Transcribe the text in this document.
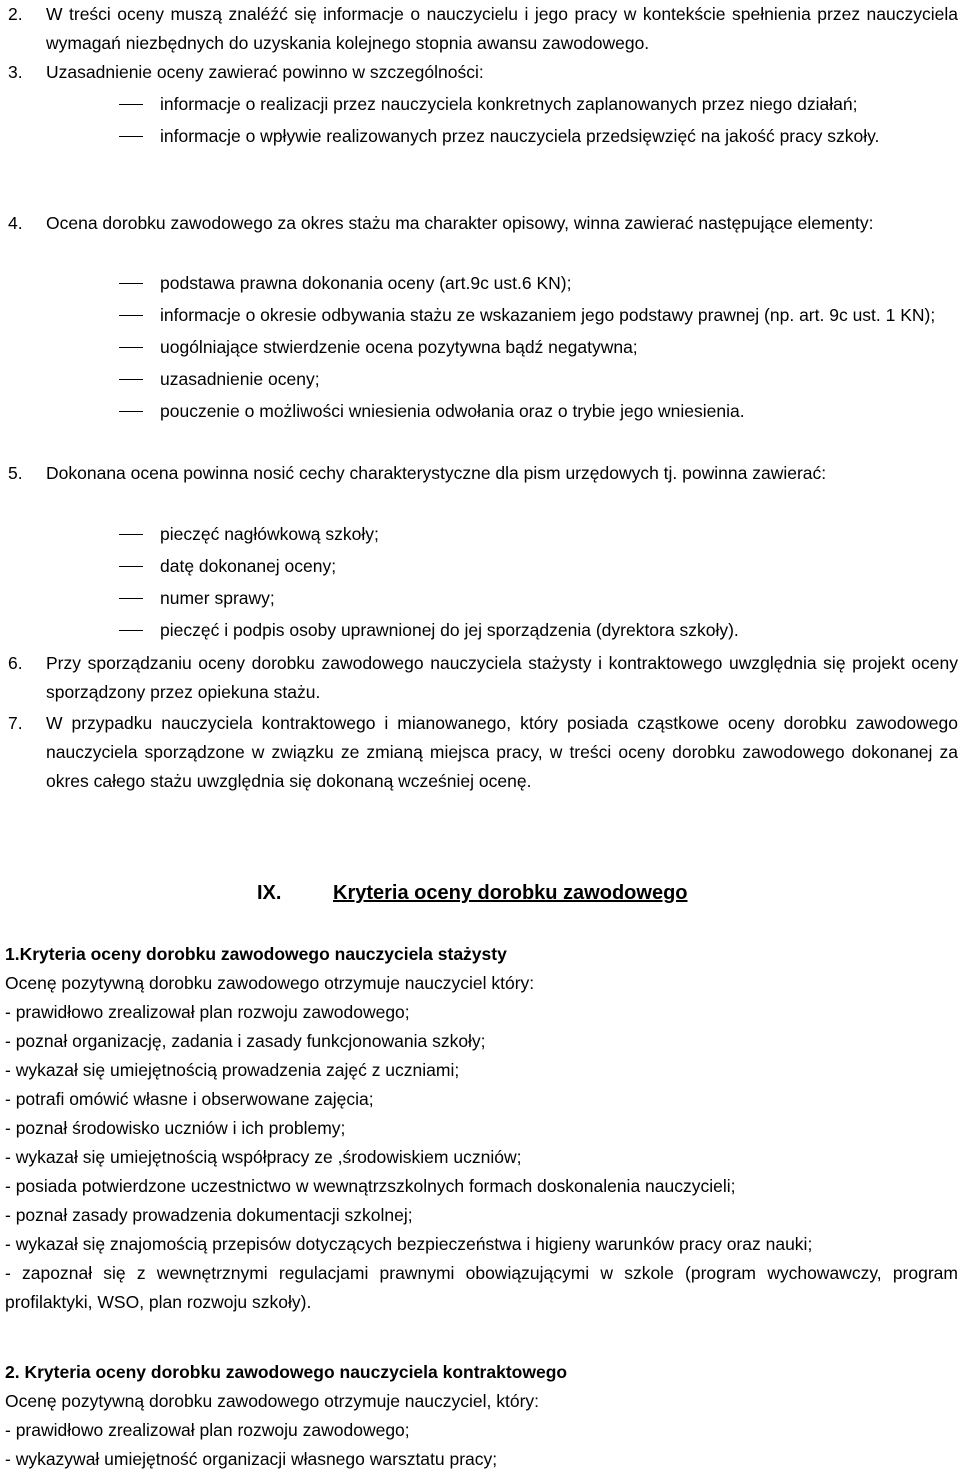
2. W treści oceny muszą znaléźć się informacje o nauczycielu i jego pracy w kontekście spełnienia przez nauczyciela wymagań niezbędnych do uzyskania kolejnego stopnia awansu zawodowego.
3. Uzasadnienie oceny zawierać powinno w szczególności:
informacje o realizacji przez nauczyciela konkretnych zaplanowanych przez niego działań;
informacje o wpływie realizowanych przez nauczyciela przedsięwzięć na jakość pracy szkoły.
4. Ocena dorobku zawodowego za okres stażu ma charakter opisowy, winna zawierać następujące elementy:
podstawa prawna dokonania oceny (art.9c ust.6 KN);
informacje o okresie odbywania stażu ze wskazaniem jego podstawy prawnej (np. art. 9c ust. 1 KN);
uogólniające stwierdzenie ocena pozytywna bądź negatywna;
uzasadnienie oceny;
pouczenie o możliwości wniesienia odwołania oraz o trybie jego wniesienia.
5. Dokonana ocena powinna nosić cechy charakterystyczne dla pism urzędowych tj. powinna zawierać:
pieczęć nagłówkową szkoły;
datę dokonanej oceny;
numer sprawy;
pieczęć i podpis osoby uprawnionej do jej sporządzenia (dyrektora szkoły).
6. Przy sporządzaniu oceny dorobku zawodowego nauczyciela stażysty i kontraktowego uwzględnia się projekt oceny sporządzony przez opiekuna stażu.
7. W przypadku nauczyciela kontraktowego i mianowanego, który posiada cząstkowe oceny dorobku zawodowego nauczyciela sporządzone w związku ze zmianą miejsca pracy, w treści oceny dorobku zawodowego dokonanej za okres całego stażu uwzględnia się dokonaną wcześniej ocenę.
IX.	Kryteria oceny dorobku zawodowego
1.Kryteria oceny dorobku zawodowego nauczyciela stażysty
Ocenę pozytywną dorobku zawodowego otrzymuje nauczyciel który:
- prawidłowo zrealizował plan rozwoju zawodowego;
- poznał organizację, zadania i zasady funkcjonowania szkoły;
- wykazał się umiejętnością prowadzenia zajęć z uczniami;
- potrafi omówić własne i obserwowane zajęcia;
- poznał środowisko uczniów i ich problemy;
- wykazał się umiejętnością współpracy ze ,środowiskiem uczniów;
- posiada potwierdzone uczestnictwo w wewnątrzszkolnych formach doskonalenia nauczycieli;
- poznał zasady prowadzenia dokumentacji szkolnej;
- wykazał się znajomością przepisów dotyczących bezpieczeństwa i higieny warunków pracy oraz nauki;
- zapoznał się z wewnętrznymi regulacjami prawnymi obowiązującymi w szkole (program wychowawczy, program profilaktyki, WSO, plan rozwoju szkoły).
2. Kryteria oceny dorobku zawodowego nauczyciela kontraktowego
Ocenę pozytywną dorobku zawodowego otrzymuje nauczyciel, który:
- prawidłowo zrealizował plan rozwoju zawodowego;
- wykazywał umiejętność organizacji własnego warsztatu pracy;
